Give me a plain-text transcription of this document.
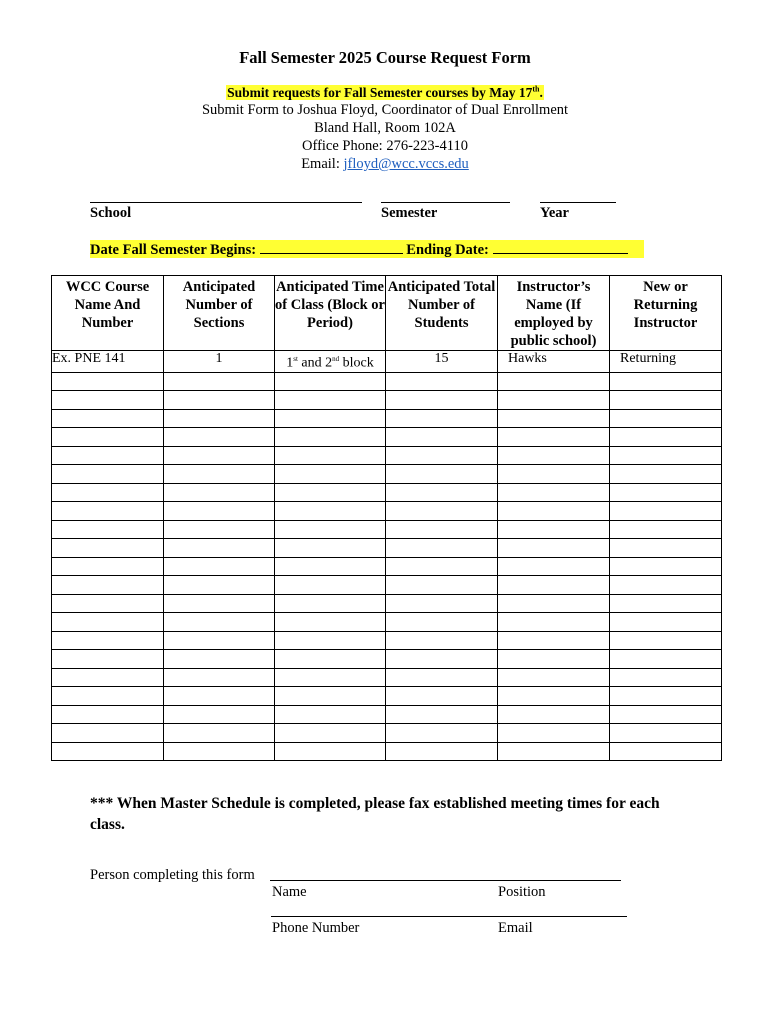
Fall Semester 2025 Course Request Form
Submit requests for Fall Semester courses by May 17th.
Submit Form to Joshua Floyd, Coordinator of Dual Enrollment
Bland Hall, Room 102A
Office Phone: 276-223-4110
Email: jfloyd@wcc.vccs.edu
School	Semester	Year
Date Fall Semester Begins:	Ending Date:
WCC Course Name And Number	Anticipated Number of Sections	Anticipated Time of Class (Block or Period)	Anticipated Total Number of Students	Instructor’s Name (If employed by public school)	New or Returning Instructor
Ex. PNE 141	1	1st and 2nd block	15	Hawks	Returning

*** When Master Schedule is completed, please fax established meeting times for each class.
Person completing this form
Name	Position
Phone Number	Email
